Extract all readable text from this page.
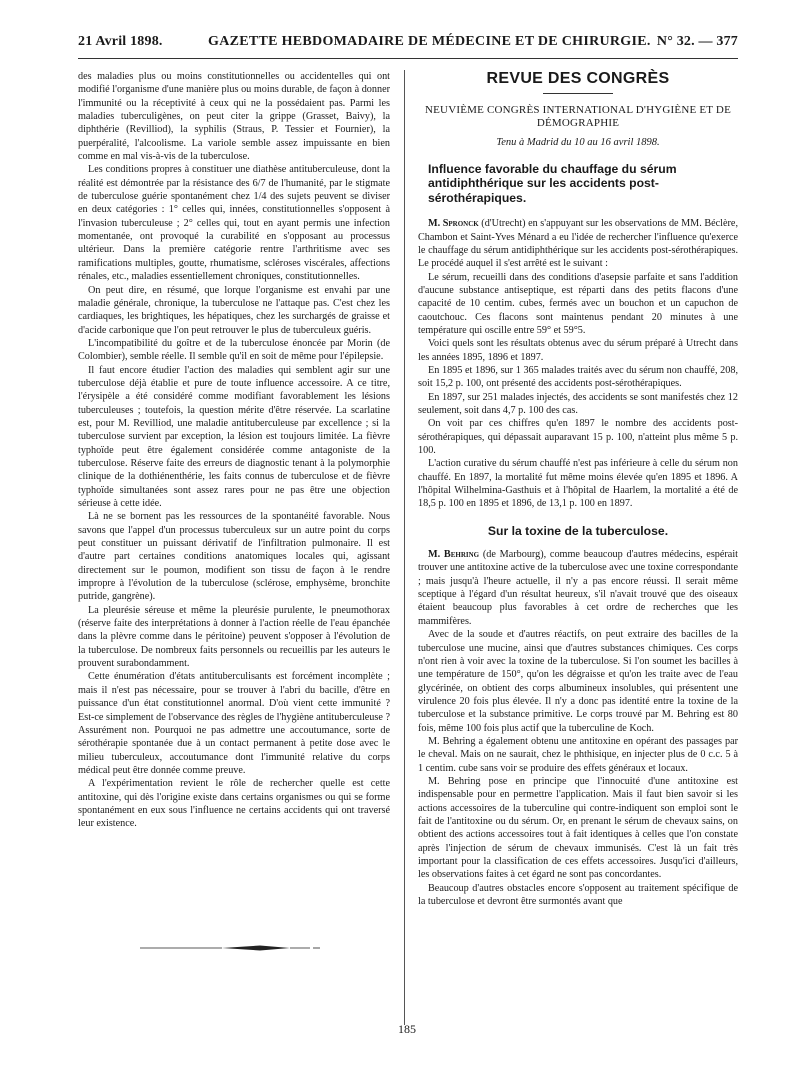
21 Avril 1898.	GAZETTE HEBDOMADAIRE DE MÉDECINE ET DE CHIRURGIE. N° 32. — 377

des maladies plus ou moins constitutionnelles ou accidentelles qui ont modifié l'organisme d'une manière plus ou moins durable, de façon à donner l'immunité ou la réceptivité à ceux qui ne la possédaient pas. Parmi les maladies tuberculigènes, on peut citer la grippe (Grasset, Baivy), la diphthérie (Revilliod), la syphilis (Straus, P. Tessier et Fournier), la puerpéralité, l'alcoolisme. La variole semble assez impuissante en bien comme en mal vis-à-vis de la tuberculose.

Les conditions propres à constituer une diathèse antituberculeuse, dont la réalité est démontrée par la résistance des 6/7 de l'humanité, par le stigmate de tuberculose guérie spontanément chez 1/4 des sujets peuvent se diviser en deux catégories : 1° celles qui, innées, constitutionnelles s'opposent à l'invasion tuberculeuse ; 2° celles qui, tout en ayant permis une infection momentanée, ont provoqué la curabilité en s'opposant au processus ultérieur. Dans la première catégorie rentre l'arthritisme avec ses ramifications multiples, goutte, rhumatisme, scléroses viscérales, affections rénales, etc., maladies essentiellement chroniques, constitutionnelles.

On peut dire, en résumé, que lorque l'organisme est envahi par une maladie générale, chronique, la tuberculose ne l'attaque pas. C'est chez les cardiaques, les brightiques, les hépatiques, chez les surchargés de graisse et d'acide carbonique que l'on peut retrouver le plus de tuberculeux guéris.

L'incompatibilité du goître et de la tuberculose énoncée par Morin (de Colombier), semble réelle. Il semble qu'il en soit de même pour l'épilepsie.

Il faut encore étudier l'action des maladies qui semblent agir sur une tuberculose déjà établie et pure de toute influence accessoire. A ce titre, l'érysipèle a été considéré comme modifiant favorablement les lésions tuberculeuses ; toutefois, la question mérite d'être réservée. La scarlatine est, pour M. Revilliod, une maladie antituberculeuse par excellence ; si la tuberculose survient par exception, la lésion est toujours limitée. La fièvre typhoïde peut être également considérée comme antagoniste de la tuberculose. Réserve faite des erreurs de diagnostic tenant à la polymorphie clinique de la dothiénenthérie, les faits connus de tuberculose et de fièvre typhoïde simultanées sont assez rares pour ne pas être une objection sérieuse à cette idée.

Là ne se bornent pas les ressources de la spontanéité favorable. Nous savons que l'appel d'un processus tuberculeux sur un autre point du corps peut constituer un puissant dérivatif de l'infiltration pulmonaire. Il est d'autre part certaines conditions anatomiques locales qui, agissant directement sur le poumon, modifient son tissu de façon à le rendre impropre à l'évolution de la tuberculose (sclérose, emphysème, bronchite putride, gangrène).

La pleurésie séreuse et même la pleurésie purulente, le pneumothorax (réserve faite des interprétations à donner à l'action réelle de l'eau épanchée dans la plèvre comme dans le péritoine) peuvent s'opposer à l'évolution de la tuberculose. De nombreux faits personnels ou recueillis par les auteurs le prouvent surabondamment.

Cette énumération d'états antituberculisants est forcément incomplète ; mais il n'est pas nécessaire, pour se trouver à l'abri du bacille, d'être en puissance d'un état constitutionnel anormal. D'où vient cette immunité ? Est-ce simplement de l'observance des règles de l'hygiène antituberculeuse ? Assurément non. Pourquoi ne pas admettre une accoutumance, sorte de sérothérapie spontanée due à un contact permanent à petite dose avec le milieu tuberculeux, accoutumance dont l'immunité relative du corps médical peut être donnée comme preuve.

A l'expérimentation revient le rôle de rechercher quelle est cette antitoxine, qui dès l'origine existe dans certains organismes ou qui se forme spontanément en eux sous l'influence ne certains accidents qui ont traversé leur existence.

REVUE DES CONGRÈS
NEUVIÈME CONGRÈS INTERNATIONAL D'HYGIÈNE ET DE DÉMOGRAPHIE
Tenu à Madrid du 10 au 16 avril 1898.
Influence favorable du chauffage du sérum antidiphthérique sur les accidents post-sérothérapiques.

M. Spronck (d'Utrecht) en s'appuyant sur les observations de MM. Béclère, Chambon et Saint-Yves Ménard a eu l'idée de rechercher l'influence qu'exerce le chauffage du sérum antidiphthérique sur les accidents post-sérothérapiques. Le procédé auquel il s'est arrêté est le suivant :

Le sérum, recueilli dans des conditions d'asepsie parfaite et sans l'addition d'aucune substance antiseptique, est réparti dans des petits flacons d'une capacité de 10 centim. cubes, fermés avec un bouchon et un capuchon de caoutchouc. Ces flacons sont maintenus pendant 20 minutes à une température qui oscille entre 59° et 59°5.

Voici quels sont les résultats obtenus avec du sérum préparé à Utrecht dans les années 1895, 1896 et 1897.

En 1895 et 1896, sur 1 365 malades traités avec du sérum non chauffé, 208, soit 15,2 p. 100, ont présenté des accidents post-sérothérapiques.

En 1897, sur 251 malades injectés, des accidents se sont manifestés chez 12 seulement, soit dans 4,7 p. 100 des cas.

On voit par ces chiffres qu'en 1897 le nombre des accidents post-sérothérapiques, qui dépassait auparavant 15 p. 100, n'atteint plus même 5 p. 100.

L'action curative du sérum chauffé n'est pas inférieure à celle du sérum non chauffé. En 1897, la mortalité fut même moins élevée qu'en 1895 et 1896. A l'hôpital Wilhelmina-Gasthuis et à l'hôpital de Haarlem, la mortalité a été de 18,5 p. 100 en 1895 et 1896, de 13,1 p. 100 en 1897.

Sur la toxine de la tuberculose.

M. Behring (de Marbourg), comme beaucoup d'autres médecins, espérait trouver une antitoxine active de la tuberculose avec une toxine correspondante ; mais jusqu'à l'heure actuelle, il n'y a pas encore réussi. Il serait même sceptique à l'égard d'un résultat heureux, s'il n'avait trouvé que des oiseaux étaient beaucoup plus favorables à cet ordre de recherches que les mammifères.

Avec de la soude et d'autres réactifs, on peut extraire des bacilles de la tuberculose une mucine, ainsi que d'autres substances chimiques. Ces corps n'ont rien à voir avec la toxine de la tuberculose. Si l'on soumet les bacilles à une température de 150°, qu'on les dégraisse et qu'on les traite avec de l'eau glycérinée, on obtient des corps albumineux insolubles, qui présentent une virulence 20 fois plus élevée. Il n'y a donc pas identité entre la toxine de la tuberculose et la substance primitive. Le corps trouvé par M. Behring est 80 fois, même 100 fois plus actif que la tuberculine de Koch.

M. Behring a également obtenu une antitoxine en opérant des passages par le cheval. Mais on ne saurait, chez le phthisique, en injecter plus de 0 c.c. 5 à 1 centim. cube sans voir se produire des effets généraux et locaux.

M. Behring pose en principe que l'innocuité d'une antitoxine est indispensable pour en permettre l'application. Mais il faut bien savoir si les actions accessoires de la tuberculine qui contre-indiquent son emploi sont le fait de l'antitoxine ou du sérum. Or, en prenant le sérum de chevaux sains, on obtient des actions accessoires tout à fait identiques à celles que l'on constate après l'injection de sérum de chevaux immunisés. C'est là un fait très important pour la classification de ces effets accessoires. Jusqu'ici d'ailleurs, les observations faites à cet égard ne sont pas concordantes.

Beaucoup d'autres obstacles encore s'opposent au traitement spécifique de la tuberculose et devront être surmontés avant que

185
